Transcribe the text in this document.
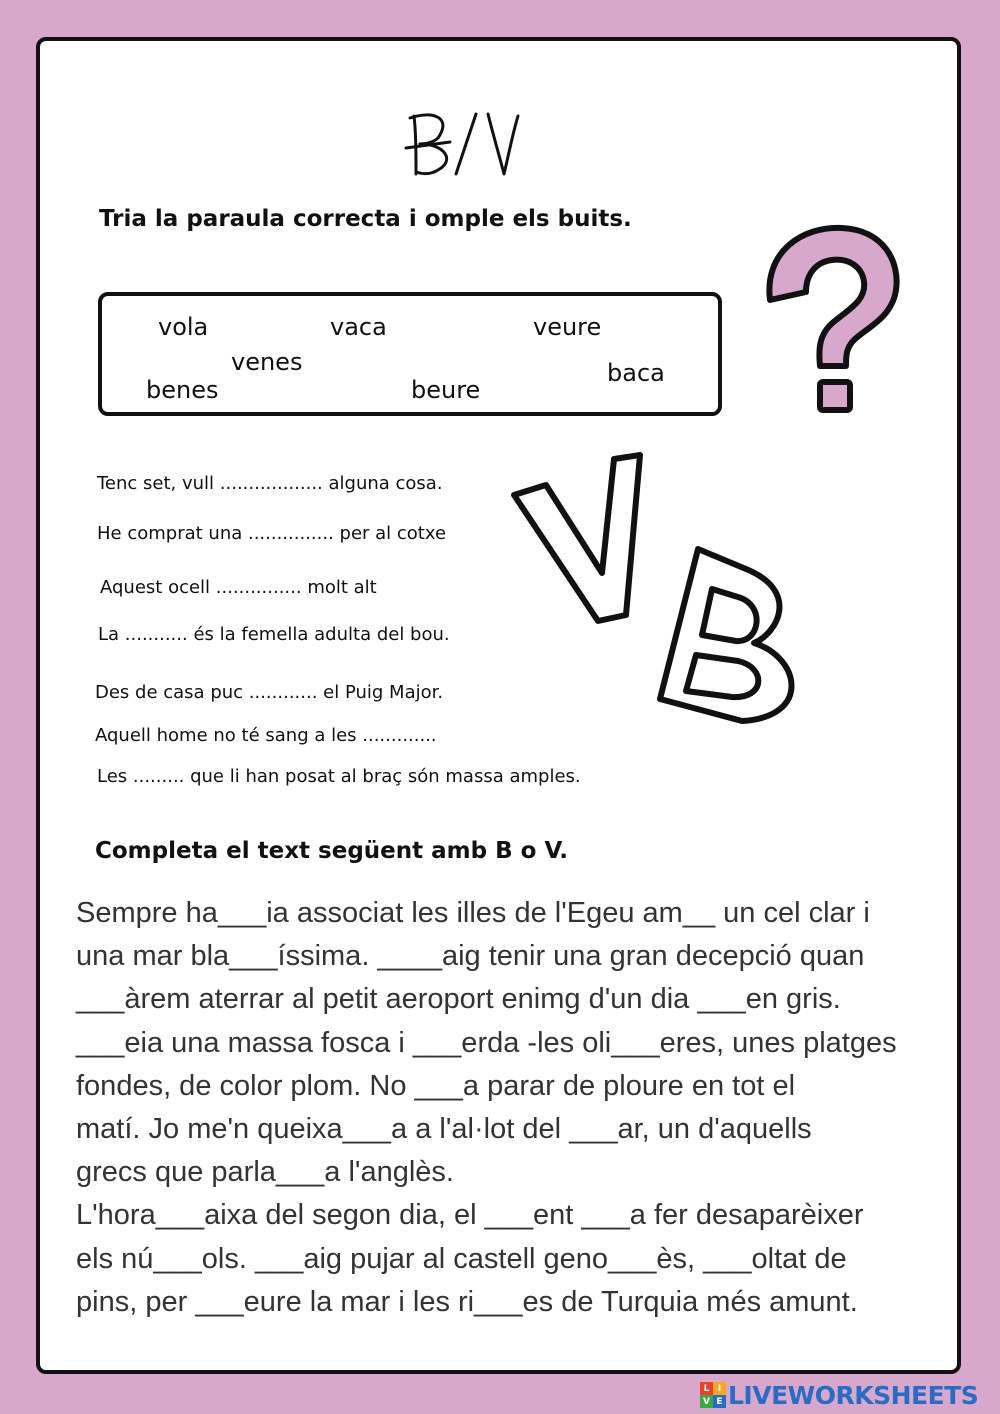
Tria la paraula correcta i omple els buits.
vola	vaca	veure
venes	baca
benes	beure
Tenc set, vull .................. alguna cosa.
He comprat una ............... per al cotxe
Aquest ocell ............... molt alt
La ........... és la femella adulta del bou.
Des de casa puc ............ el Puig Major.
Aquell home no té sang a les .............
Les ......... que li han posat al braç són massa amples.
Completa el text següent amb B o V.
Sempre ha___ia associat les illes de l'Egeu am__ un cel clar i
una mar bla___íssima. ____aig tenir una gran decepció quan
___àrem aterrar al petit aeroport enimg d'un dia ___en gris.
___eia una massa fosca i ___erda -les oli___eres, unes platges
fondes, de color plom. No ___a parar de ploure en tot el
matí. Jo me'n queixa___a a l'al·lot del ___ar, un d'aquells
grecs que parla___a l'anglès.
L'hora___aixa del segon dia, el ___ent ___a fer desaparèixer
els nú___ols. ___aig pujar al castell geno___ès, ___oltat de
pins, per ___eure la mar i les ri___es de Turquia més amunt.
L I
V E LIVEWORKSHEETS
